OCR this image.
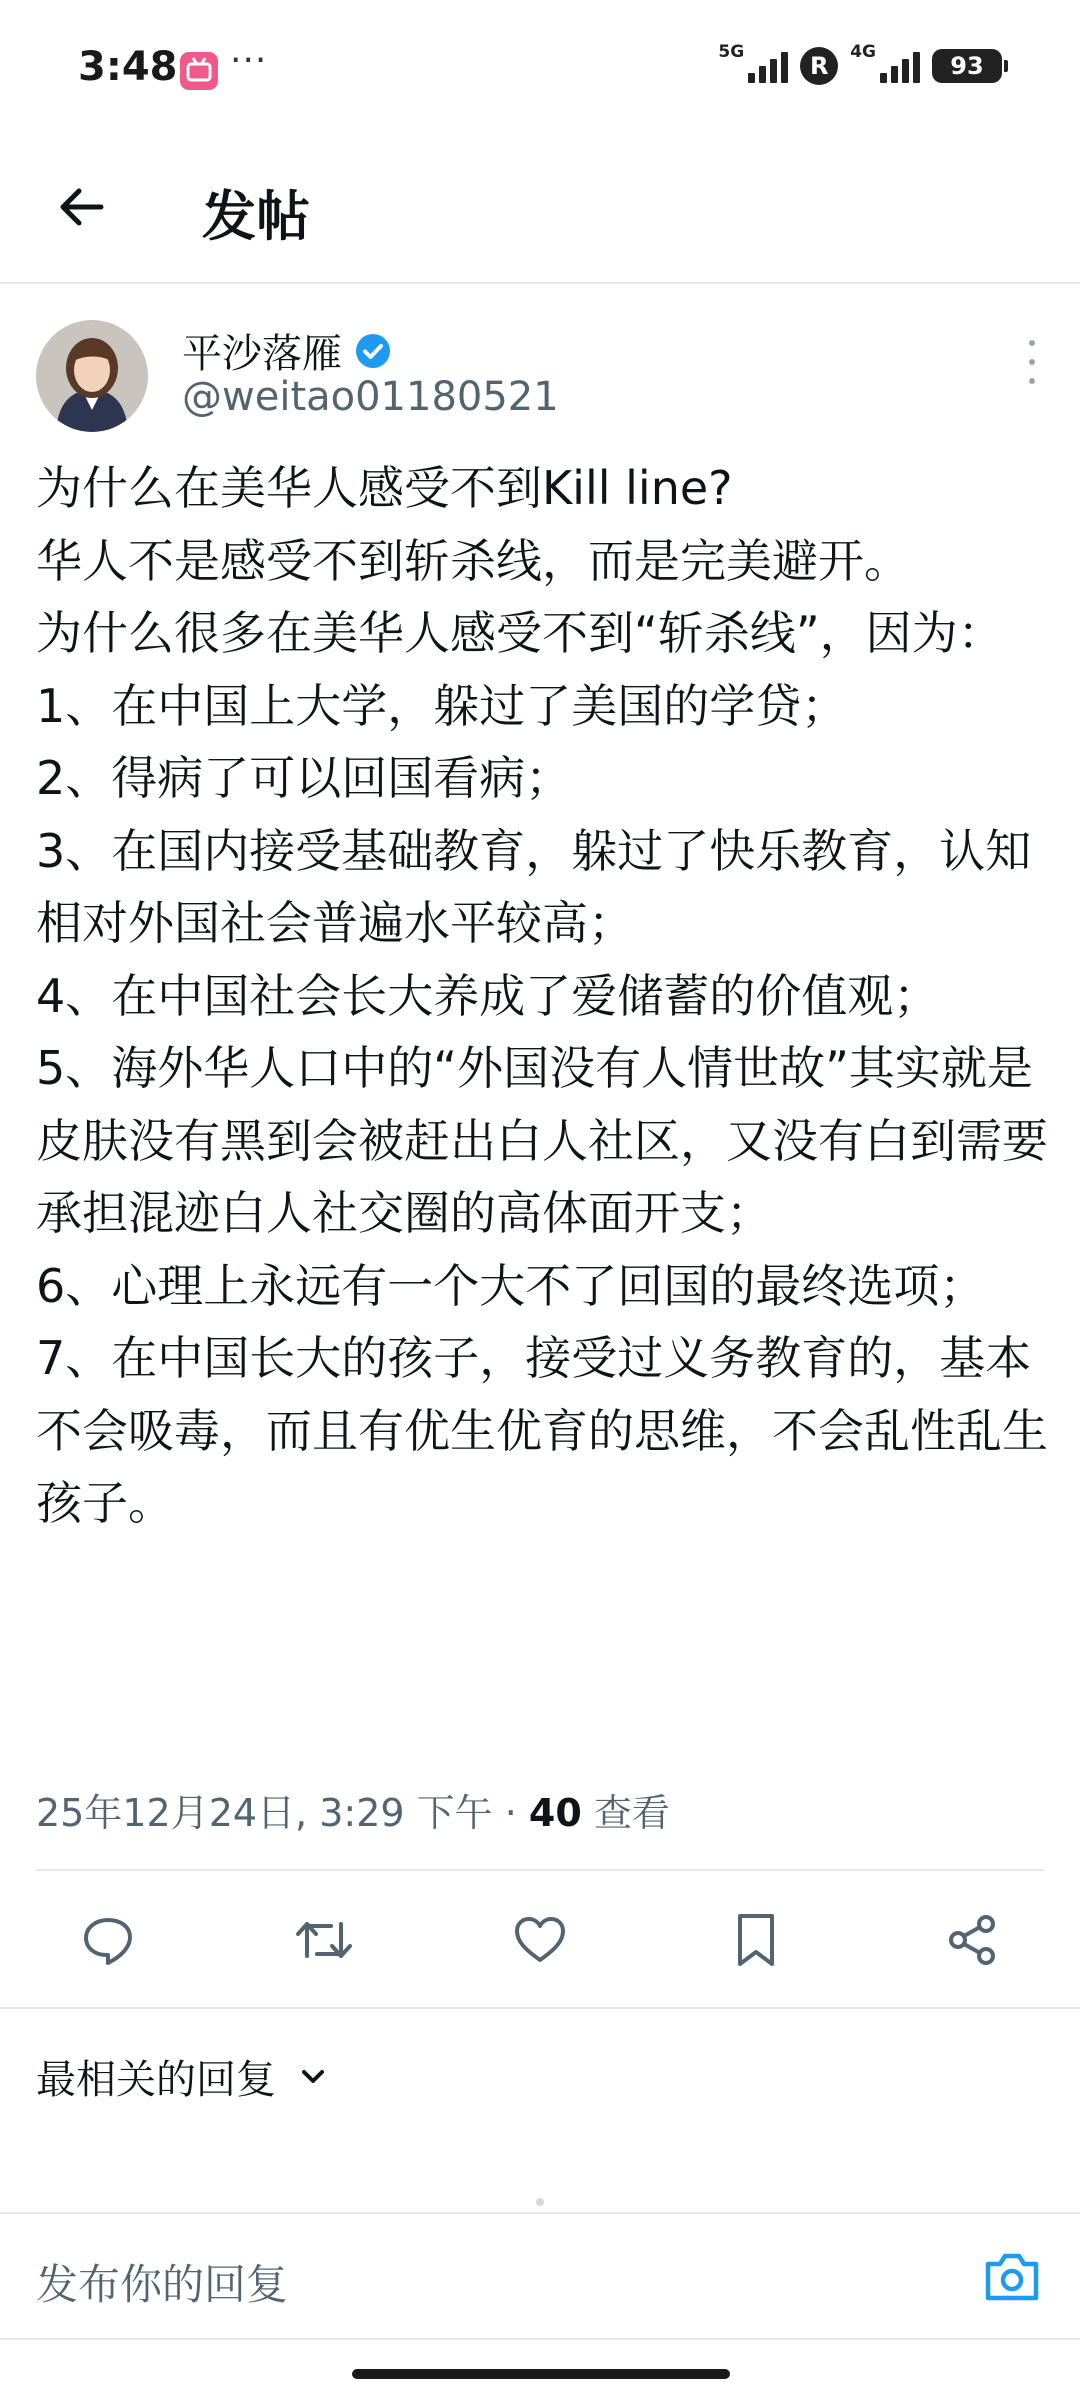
3:48 ···	5G	R	4G	93
发帖
平沙落雁
@weitao01180521

为什么在美华人感受不到Kill line?

华人不是感受不到斩杀线，而是完美避开。

为什么很多在美华人感受不到“斩杀线”，因为：

1、在中国上大学，躲过了美国的学贷；

2、得病了可以回国看病；

3、在国内接受基础教育，躲过了快乐教育，认知相对外国社会普遍水平较高；

4、在中国社会长大养成了爱储蓄的价值观；

5、海外华人口中的“外国没有人情世故”其实就是皮肤没有黑到会被赶出白人社区，又没有白到需要承担混迹白人社交圈的高体面开支；

6、心理上永远有一个大不了回国的最终选项；

7、在中国长大的孩子，接受过义务教育的，基本不会吸毒，而且有优生优育的思维，不会乱性乱生孩子。

25年12月24日, 3:29 下午 · 40 查看
最相关的回复
发布你的回复
